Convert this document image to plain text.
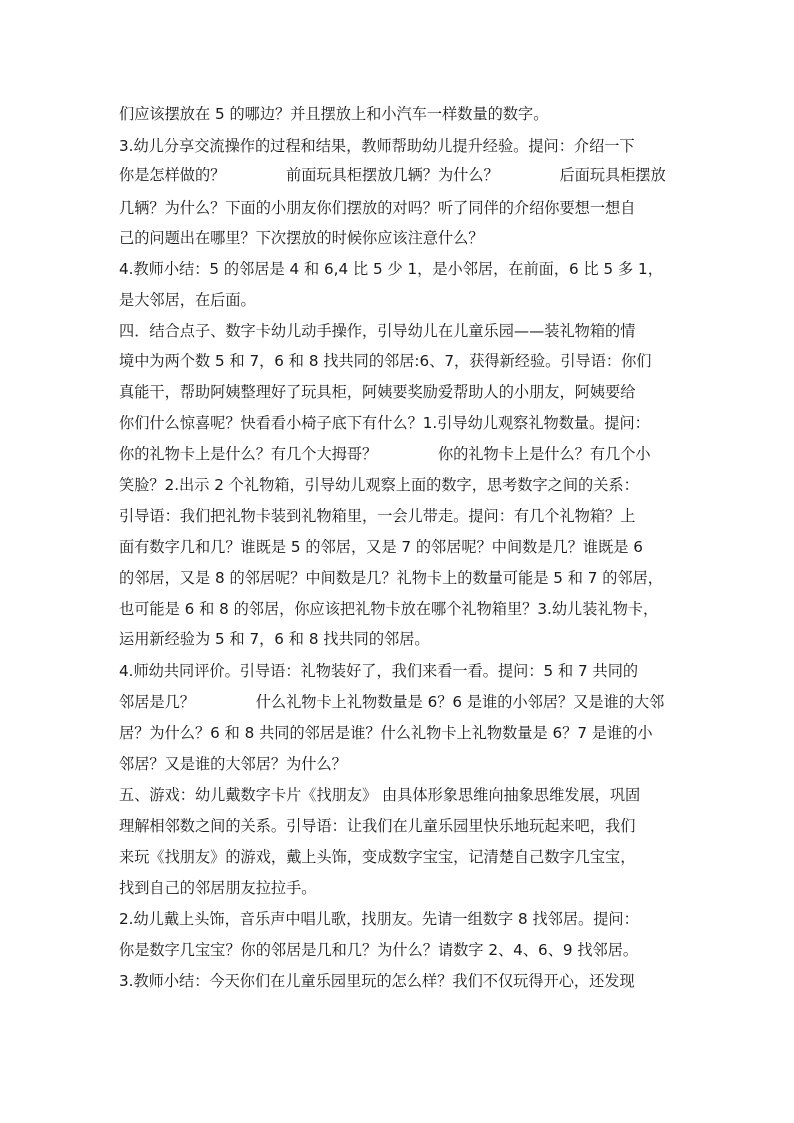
们应该摆放在 5 的哪边？并且摆放上和小汽车一样数量的数字。
3.幼儿分享交流操作的过程和结果，教师帮助幼儿提升经验。提问：介绍一下
你是怎样做的？　　　　前面玩具柜摆放几辆？为什么？　　　　后面玩具柜摆放
几辆？为什么？下面的小朋友你们摆放的对吗？听了同伴的介绍你要想一想自
己的问题出在哪里？下次摆放的时候你应该注意什么？
4.教师小结：5 的邻居是 4 和 6,4 比 5 少 1，是小邻居，在前面，6 比 5 多 1，
是大邻居，在后面。
四．结合点子、数字卡幼儿动手操作，引导幼儿在儿童乐园——装礼物箱的情
境中为两个数 5 和 7，6 和 8 找共同的邻居:6、7，获得新经验。引导语：你们
真能干，帮助阿姨整理好了玩具柜，阿姨要奖励爱帮助人的小朋友，阿姨要给
你们什么惊喜呢？快看看小椅子底下有什么？1.引导幼儿观察礼物数量。提问：
你的礼物卡上是什么？有几个大拇哥？　　　　你的礼物卡上是什么？有几个小
笑脸？2.出示 2 个礼物箱，引导幼儿观察上面的数字，思考数字之间的关系：
引导语：我们把礼物卡装到礼物箱里，一会儿带走。提问：有几个礼物箱？上
面有数字几和几？谁既是 5 的邻居，又是 7 的邻居呢？中间数是几？谁既是 6
的邻居，又是 8 的邻居呢？中间数是几？礼物卡上的数量可能是 5 和 7 的邻居，
也可能是 6 和 8 的邻居，你应该把礼物卡放在哪个礼物箱里？3.幼儿装礼物卡，
运用新经验为 5 和 7，6 和 8 找共同的邻居。
4.师幼共同评价。引导语：礼物装好了，我们来看一看。提问：5 和 7 共同的
邻居是几？　　　　什么礼物卡上礼物数量是 6？6 是谁的小邻居？又是谁的大邻
居？为什么？6 和 8 共同的邻居是谁？什么礼物卡上礼物数量是 6？7 是谁的小
邻居？又是谁的大邻居？为什么？
五、游戏：幼儿戴数字卡片《找朋友》 由具体形象思维向抽象思维发展，巩固
理解相邻数之间的关系。引导语：让我们在儿童乐园里快乐地玩起来吧，我们
来玩《找朋友》的游戏，戴上头饰，变成数字宝宝，记清楚自己数字几宝宝，
找到自己的邻居朋友拉拉手。
2.幼儿戴上头饰，音乐声中唱儿歌，找朋友。先请一组数字 8 找邻居。提问：
你是数字几宝宝？你的邻居是几和几？为什么？请数字 2、4、6、9 找邻居。
3.教师小结：今天你们在儿童乐园里玩的怎么样？我们不仅玩得开心，还发现
